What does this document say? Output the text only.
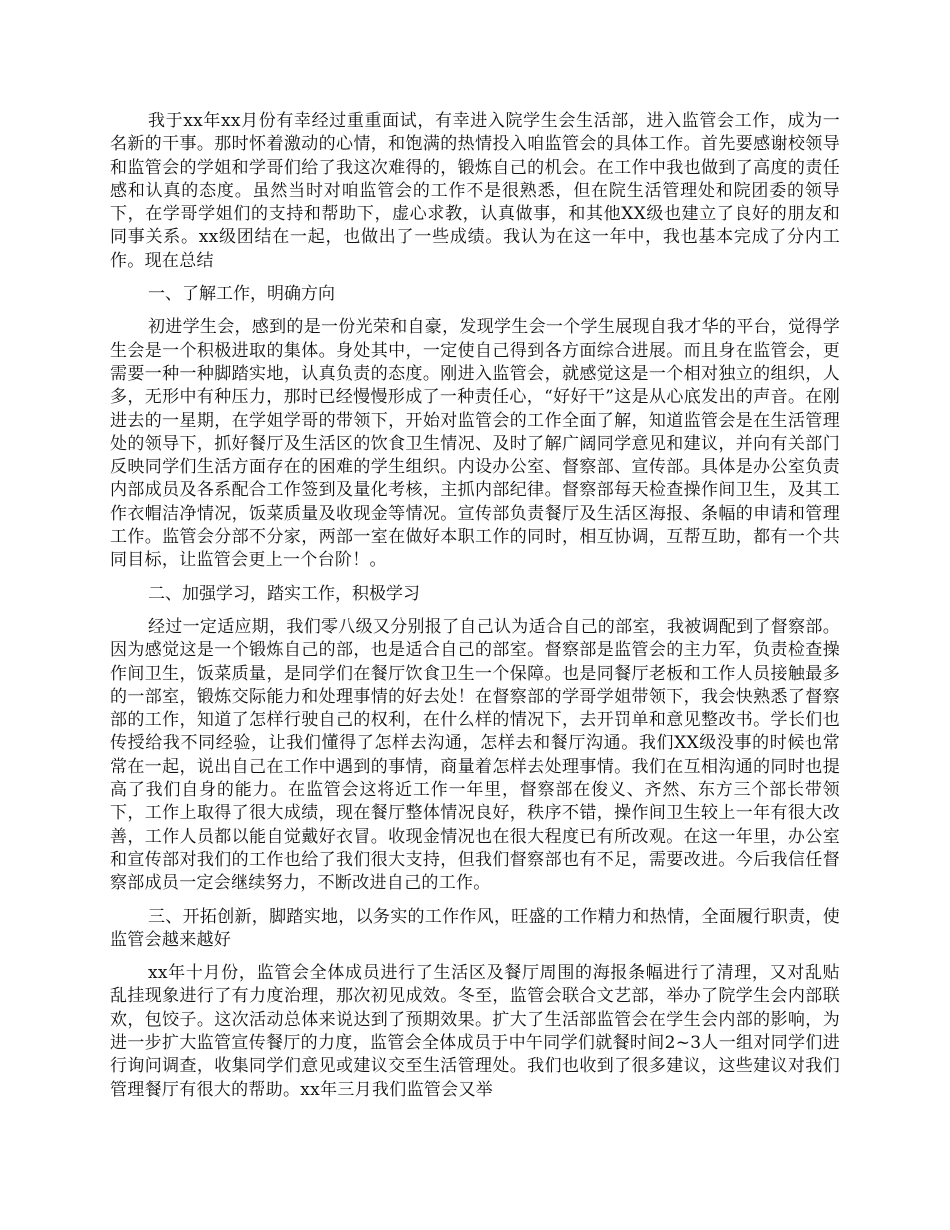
我于xx年xx月份有幸经过重重面试，有幸进入院学生会生活部，进入监管会工作，成为一名新的干事。那时怀着激动的心情，和饱满的热情投入咱监管会的具体工作。首先要感谢校领导和监管会的学姐和学哥们给了我这次难得的，锻炼自己的机会。在工作中我也做到了高度的责任感和认真的态度。虽然当时对咱监管会的工作不是很熟悉，但在院生活管理处和院团委的领导下，在学哥学姐们的支持和帮助下，虚心求教，认真做事，和其他XX级也建立了良好的朋友和同事关系。xx级团结在一起，也做出了一些成绩。我认为在这一年中，我也基本完成了分内工作。现在总结

一、了解工作，明确方向

初进学生会，感到的是一份光荣和自豪，发现学生会一个学生展现自我才华的平台，觉得学生会是一个积极进取的集体。身处其中，一定使自己得到各方面综合进展。而且身在监管会，更需要一种一种脚踏实地，认真负责的态度。刚进入监管会，就感觉这是一个相对独立的组织，人多，无形中有种压力，那时已经慢慢形成了一种责任心，“好好干”这是从心底发出的声音。在刚进去的一星期，在学姐学哥的带领下，开始对监管会的工作全面了解，知道监管会是在生活管理处的领导下，抓好餐厅及生活区的饮食卫生情况、及时了解广阔同学意见和建议，并向有关部门反映同学们生活方面存在的困难的学生组织。内设办公室、督察部、宣传部。具体是办公室负责内部成员及各系配合工作签到及量化考核，主抓内部纪律。督察部每天检查操作间卫生，及其工作衣帽洁净情况，饭菜质量及收现金等情况。宣传部负责餐厅及生活区海报、条幅的申请和管理工作。监管会分部不分家，两部一室在做好本职工作的同时，相互协调，互帮互助，都有一个共同目标，让监管会更上一个台阶！。

二、加强学习，踏实工作，积极学习

经过一定适应期，我们零八级又分别报了自己认为适合自己的部室，我被调配到了督察部。因为感觉这是一个锻炼自己的部，也是适合自己的部室。督察部是监管会的主力军，负责检查操作间卫生，饭菜质量，是同学们在餐厅饮食卫生一个保障。也是同餐厅老板和工作人员接触最多的一部室，锻炼交际能力和处理事情的好去处！在督察部的学哥学姐带领下，我会快熟悉了督察部的工作，知道了怎样行驶自己的权利，在什么样的情况下，去开罚单和意见整改书。学长们也传授给我不同经验，让我们懂得了怎样去沟通，怎样去和餐厅沟通。我们XX级没事的时候也常常在一起，说出自己在工作中遇到的事情，商量着怎样去处理事情。我们在互相沟通的同时也提高了我们自身的能力。在监管会这将近工作一年里，督察部在俊义、齐然、东方三个部长带领下，工作上取得了很大成绩，现在餐厅整体情况良好，秩序不错，操作间卫生较上一年有很大改善，工作人员都以能自觉戴好衣冒。收现金情况也在很大程度已有所改观。在这一年里，办公室和宣传部对我们的工作也给了我们很大支持，但我们督察部也有不足，需要改进。今后我信任督察部成员一定会继续努力，不断改进自己的工作。

三、开拓创新，脚踏实地，以务实的工作作风，旺盛的工作精力和热情，全面履行职责，使监管会越来越好

xx年十月份，监管会全体成员进行了生活区及餐厅周围的海报条幅进行了清理，又对乱贴乱挂现象进行了有力度治理，那次初见成效。冬至，监管会联合文艺部，举办了院学生会内部联欢，包饺子。这次活动总体来说达到了预期效果。扩大了生活部监管会在学生会内部的影响，为进一步扩大监管宣传餐厅的力度，监管会全体成员于中午同学们就餐时间2~3人一组对同学们进行询问调查，收集同学们意见或建议交至生活管理处。我们也收到了很多建议，这些建议对我们管理餐厅有很大的帮助。xx年三月我们监管会又举
